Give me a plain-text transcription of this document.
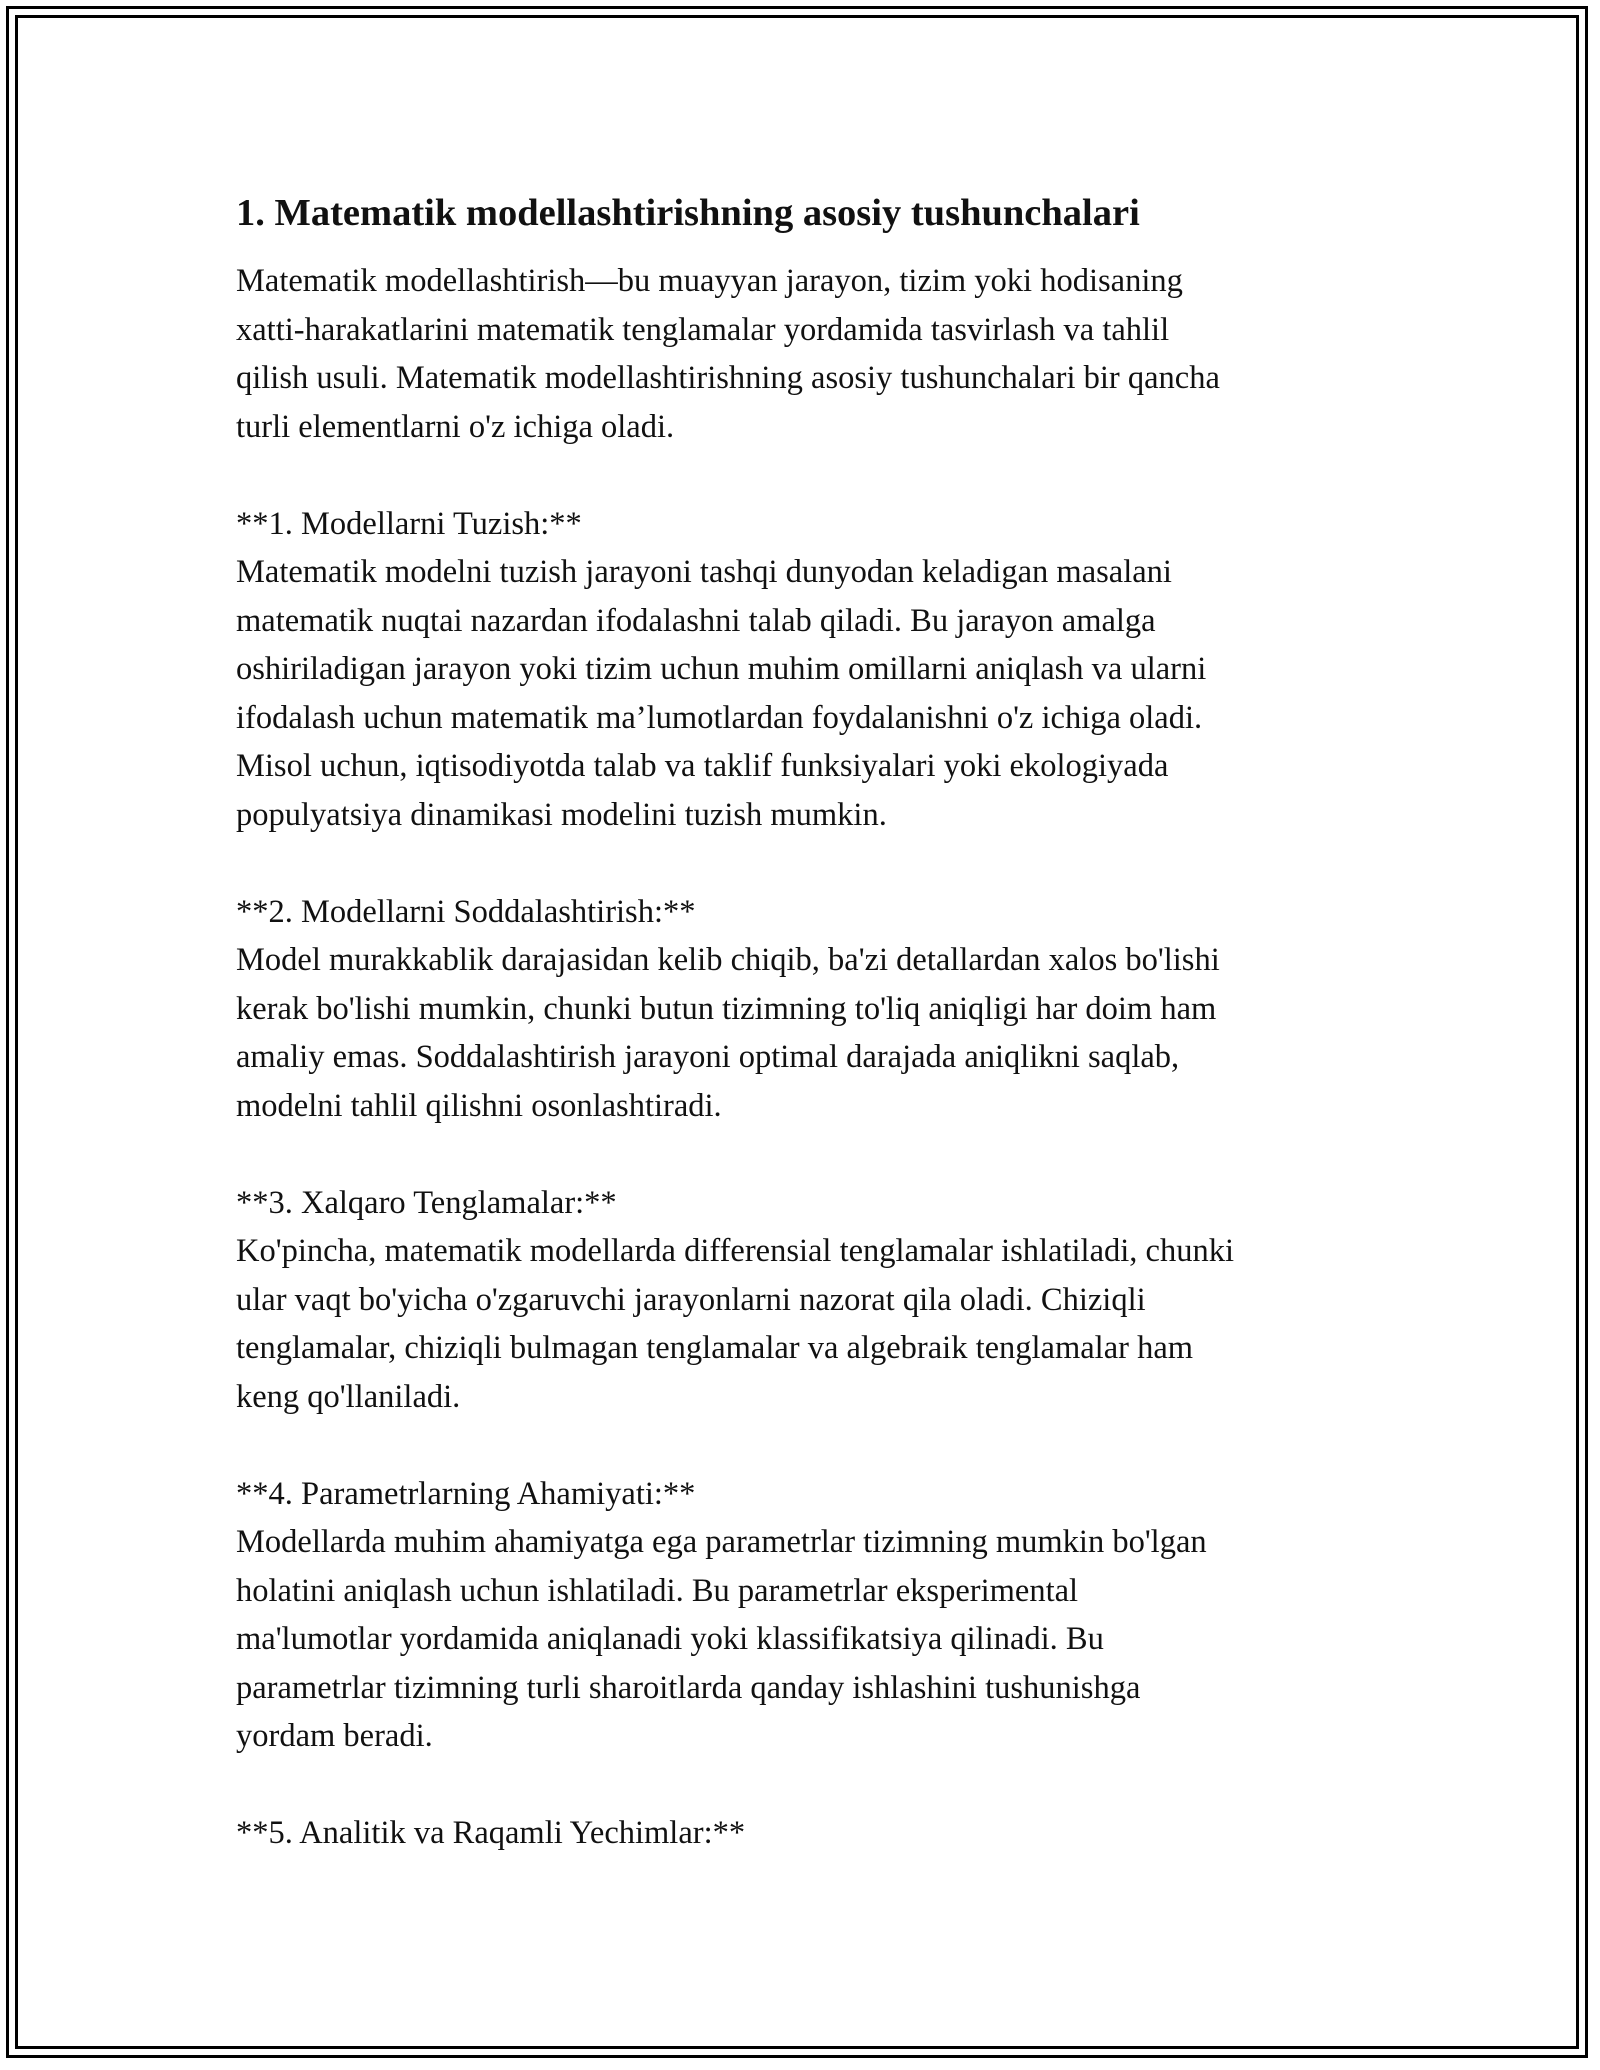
1. Matematik modellashtirishning asosiy tushunchalari

Matematik modellashtirish—bu muayyan jarayon, tizim yoki hodisaning
xatti-harakatlarini matematik tenglamalar yordamida tasvirlash va tahlil
qilish usuli. Matematik modellashtirishning asosiy tushunchalari bir qancha
turli elementlarni o'z ichiga oladi.

**1. Modellarni Tuzish:**

Matematik modelni tuzish jarayoni tashqi dunyodan keladigan masalani
matematik nuqtai nazardan ifodalashni talab qiladi. Bu jarayon amalga
oshiriladigan jarayon yoki tizim uchun muhim omillarni aniqlash va ularni
ifodalash uchun matematik ma’lumotlardan foydalanishni o'z ichiga oladi.
Misol uchun, iqtisodiyotda talab va taklif funksiyalari yoki ekologiyada
populyatsiya dinamikasi modelini tuzish mumkin.

**2. Modellarni Soddalashtirish:**

Model murakkablik darajasidan kelib chiqib, ba'zi detallardan xalos bo'lishi
kerak bo'lishi mumkin, chunki butun tizimning to'liq aniqligi har doim ham
amaliy emas. Soddalashtirish jarayoni optimal darajada aniqlikni saqlab,
modelni tahlil qilishni osonlashtiradi.

**3. Xalqaro Tenglamalar:**

Ko'pincha, matematik modellarda differensial tenglamalar ishlatiladi, chunki
ular vaqt bo'yicha o'zgaruvchi jarayonlarni nazorat qila oladi. Chiziqli
tenglamalar, chiziqli bulmagan tenglamalar va algebraik tenglamalar ham
keng qo'llaniladi.

**4. Parametrlarning Ahamiyati:**

Modellarda muhim ahamiyatga ega parametrlar tizimning mumkin bo'lgan
holatini aniqlash uchun ishlatiladi. Bu parametrlar eksperimental
ma'lumotlar yordamida aniqlanadi yoki klassifikatsiya qilinadi. Bu
parametrlar tizimning turli sharoitlarda qanday ishlashini tushunishga
yordam beradi.

**5. Analitik va Raqamli Yechimlar:**
